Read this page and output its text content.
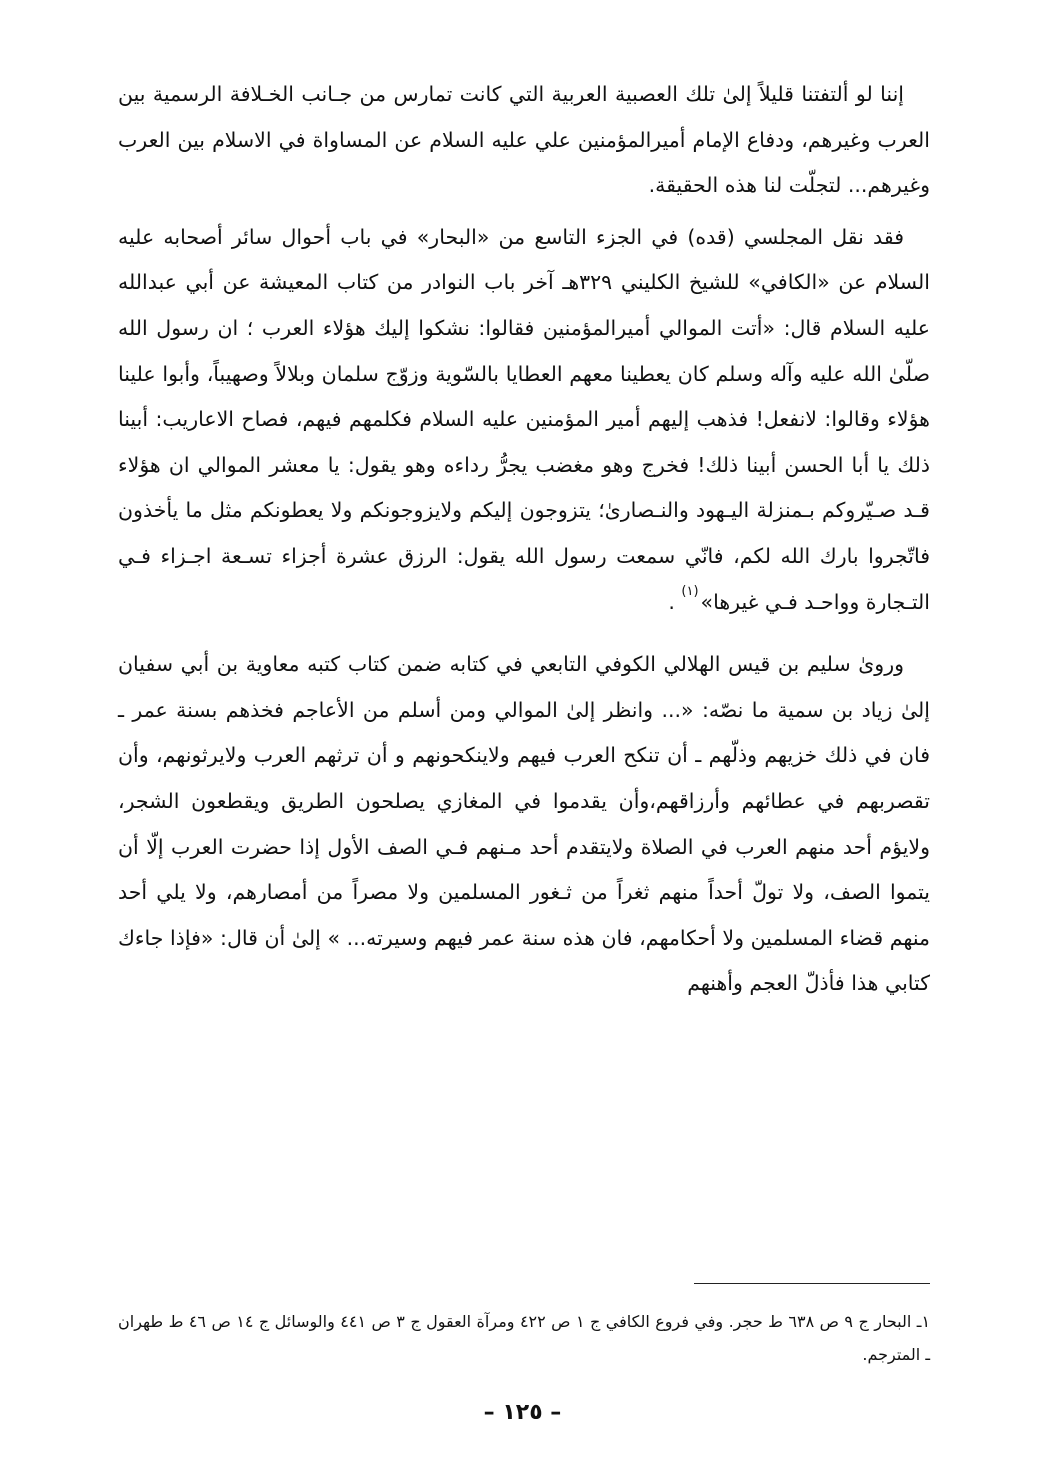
إننا لو ألتفتنا قليلاً إلىٰ تلك العصبية العربية التي كانت تمارس من جـانب الخـلافة الرسمية بين العرب وغيرهم، ودفاع الإمام أميرالمؤمنين علي عليه السلام عن المساواة في الاسلام بين العرب وغيرهم... لتجلّت لنا هذه الحقيقة.

فقد نقل المجلسي (قده) في الجزء التاسع من «البحار» في باب أحوال سائر أصحابه عليه السلام عن «الكافي» للشيخ الكليني ٣٢٩هـ آخر باب النوادر من كتاب المعيشة عن أبي عبدالله عليه السلام قال: «أتت الموالي أميرالمؤمنين فقالوا: نشكوا إليك هؤلاء العرب ؛ ان رسول الله صلّىٰ الله عليه وآله وسلم كان يعطينا معهم العطايا بالسّوية وزوّج سلمان وبلالاً وصهيباً، وأبوا علينا هؤلاء وقالوا: لانفعل! فذهب إليهم أمير المؤمنين عليه السلام فكلمهم فيهم، فصاح الاعاريب: أبينا ذلك يا أبا الحسن أبينا ذلك! فخرج وهو مغضب يجرُّ رداءه وهو يقول: يا معشر الموالي ان هؤلاء قـد صـيّروكم بـمنزلة اليـهود والنـصارىٰ؛ يتزوجون إليكم ولايزوجونكم ولا يعطونكم مثل ما يأخذون فاتّجروا بارك الله لكم، فانّي سمعت رسول الله يقول: الرزق عشرة أجزاء تسـعة اجـزاء فـي التـجارة وواحـد فـي غيرها»$^{(١)}$ .

ورویٰ سليم بن قيس الهلالي الكوفي التابعي في كتابه ضمن كتاب كتبه معاوية بن أبي سفيان إلىٰ زياد بن سمية ما نصّه: «... وانظر إلىٰ الموالي ومن أسلم من الأعاجم فخذهم بسنة عمر ـ فان في ذلك خزيهم وذلّهم ـ أن تنكح العرب فيهم ولاينكحونهم و أن ترثهم العرب ولايرثونهم، وأن تقصربهم في عطائهم وأرزاقهم،وأن يقدموا في المغازي يصلحون الطريق ويقطعون الشجر، ولايؤم أحد منهم العرب في الصلاة ولايتقدم أحد مـنهم فـي الصف الأول إذا حضرت العرب إلّا أن يتموا الصف، ولا تولّ أحداً منهم ثغراً من ثـغور المسلمين ولا مصراً من أمصارهم، ولا يلي أحد منهم قضاء المسلمين ولا أحكامهم، فان هذه سنة عمر فيهم وسيرته... » إلىٰ أن قال: «فإذا جاءك كتابي هذا فأذلّ العجم وأهنهم

١ـ البحار ج ٩ ص ٦٣٨ ط حجر. وفي فروع الكافي ج ١ ص ٤٢٢ ومرآة العقول ج ٣ ص ٤٤١ والوسائل ج ١٤ ص ٤٦ ط طهران ـ المترجم.

– ١٢٥ –
